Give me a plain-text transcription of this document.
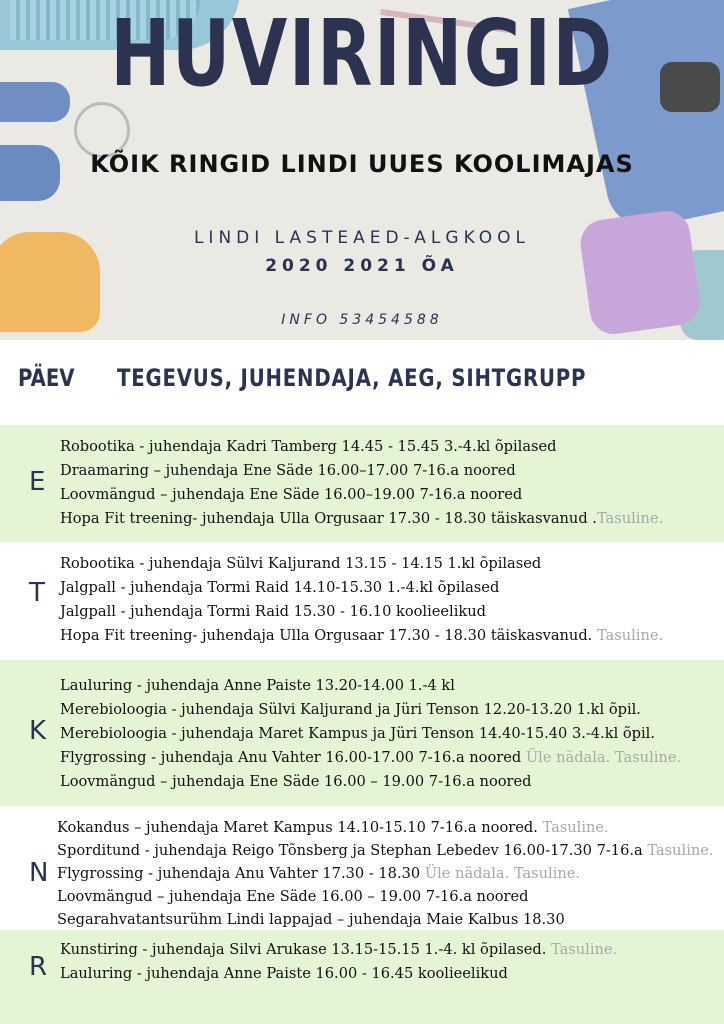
HUVIRINGID
KÕIK RINGID LINDI UUES KOOLIMAJAS
LINDI LASTEAED-ALGKOOL
2020 2021 ÕA
INFO 53454588
PÄEV TEGEVUS, JUHENDAJA, AEG, SIHTGRUPP
E
Robootika - juhendaja Kadri Tamberg 14.45 - 15.45 3.-4.kl õpilased
Draamaring – juhendaja Ene Säde 16.00–17.00 7-16.a noored
Loovmängud – juhendaja Ene Säde 16.00–19.00 7-16.a noored
Hopa Fit treening- juhendaja Ulla Orgusaar 17.30 - 18.30 täiskasvanud .Tasuline.
T
Robootika - juhendaja Sülvi Kaljurand 13.15 - 14.15 1.kl õpilased
Jalgpall - juhendaja Tormi Raid 14.10-15.30 1.-4.kl õpilased
Jalgpall - juhendaja Tormi Raid 15.30 - 16.10 koolieelikud
Hopa Fit treening- juhendaja Ulla Orgusaar 17.30 - 18.30 täiskasvanud. Tasuline.
K
Lauluring - juhendaja Anne Paiste 13.20-14.00 1.-4 kl
Merebioloogia - juhendaja Sülvi Kaljurand ja Jüri Tenson 12.20-13.20 1.kl õpil.
Merebioloogia - juhendaja Maret Kampus ja Jüri Tenson 14.40-15.40 3.-4.kl õpil.
Flygrossing - juhendaja Anu Vahter 16.00-17.00 7-16.a noored Üle nädala. Tasuline.
Loovmängud – juhendaja Ene Säde 16.00 – 19.00 7-16.a noored
N
Kokandus – juhendaja Maret Kampus 14.10-15.10 7-16.a noored. Tasuline.
Sporditund - juhendaja Reigo Tõnsberg ja Stephan Lebedev 16.00-17.30 7-16.a Tasuline.
Flygrossing - juhendaja Anu Vahter 17.30 - 18.30 Üle nädala. Tasuline.
Loovmängud – juhendaja Ene Säde 16.00 – 19.00 7-16.a noored
Segarahvatantsurühm Lindi lappajad – juhendaja Maie Kalbus 18.30
R
Kunstiring - juhendaja Silvi Arukase 13.15-15.15 1.-4. kl õpilased. Tasuline.
Lauluring - juhendaja Anne Paiste 16.00 - 16.45 koolieelikud
